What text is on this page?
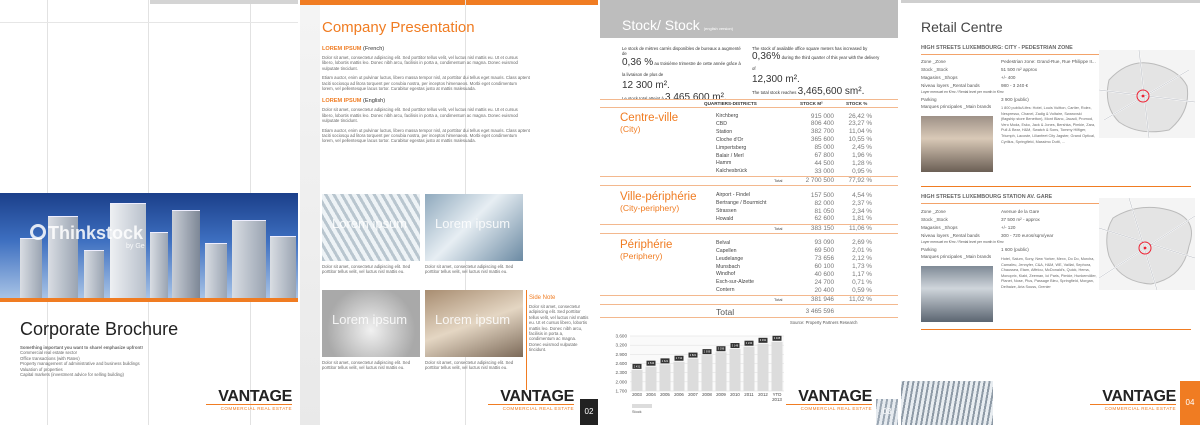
Thinkstock
by Ge
Corporate Brochure
Something important you want to share/ emphasize upfront!
Commercial real estate sector
Office transactions (with Rates)
Property management of administrative and business buildings
Valuation of properties
Capital markets (investment advice for selling building)
VANTAGE
COMMERCIAL REAL ESTATE
Company Presentation
LOREM IPSUM (French)
Dolor sit amet, consectetur adipiscing elit. Sed porttitor tellus velit, vel luctus nisl mattis eu. Ut et cursus libero, lobortis mattis leo. Donec nibh arcu, facilisis in porta a, condimentum ac magna. Donec euismod vulputate tincidunt.
Etiam auctor, enim ut pulvinar luctus, libero massa tempor nisl, at porttitor dui tellus eget mauris. Class aptent taciti sociosqu ad litora torquent per conubia nostra, per inceptos himenaeos. Morbi eget condimentum lorem, vel pellentesque lacus tortor. Curabitur egestas justo at mattis malesuada.
LOREM IPSUM (English)
Dolor sit amet, consectetur adipiscing elit. Sed porttitor tellus velit, vel luctus nisl mattis eu. Ut et cursus libero, lobortis mattis leo. Donec nibh arcu, facilisis in porta a, condimentum ac magna. Donec euismod vulputate tincidunt.
Etiam auctor, enim ut pulvinar luctus, libero massa tempor nisl, at porttitor dui tellus eget mauris. Class aptent taciti sociosqu ad litora torquent per conubia nostra, per inceptos himenaeos. Morbi eget condimentum lorem, vel pellentesque lacus tortor. Curabitur egestas justo at mattis malesuada.
Lorem ipsum Lorem ipsum
Dolor sit amet, consectetur adipiscing elit. Sed porttitor tellus velit, vel luctus nisl mattis eu.
Dolor sit amet, consectetur adipiscing elit. Sed porttitor tellus velit, vel luctus nisl mattis eu.
Lorem ipsum Lorem ipsum
Dolor sit amet, consectetur adipiscing elit. Sed porttitor tellus velit, vel luctus nisl mattis eu.
Dolor sit amet, consectetur adipiscing elit. Sed porttitor tellus velit, vel luctus nisl mattis eu.
Side Note
Dolor sit amet, consectetur adipiscing elit. Sed porttitor tellus velit, vel luctus nisl mattis eu. Ut et cursus libero, lobortis mattis leo. Donec nibh arcu, facilisis in porta a, condimentum ac magna. Donec euismod vulputate tincidunt.
VANTAGE
COMMERCIAL REAL ESTATE	02
Stock/ Stock (english version)
Le stock de mètres carrés disponibles de bureaux a augmenté de
0,36 % au troisième trimestre de cette année grâce à la livraison de plus de
12 300 m².
Le stock total atteint à 3 465 600 m².
The stock of available office square meters has increased by
0,36% during the third quarter of this year with the delivery of
12,300 m².
The total stock reaches 3,465,600 sm².
QUARTIERS-DISTRICTS	STOCK M²	STOCK %
Centre-ville
(City)
Kirchberg	915 000	26,42 %
CBD	806 400	23,27 %
Station	382 700	11,04 %
Cloche d'Or	365 600	10,55 %
Limpertsberg	85 000	2,45 %
Balair / Merl	67 800	1,96 %
Hamm	44 500	1,28 %
Kalchesbrück	33 000	0,95 %
Total	2 700 500	77,92 %
Ville-périphérie
(City-periphery)
Airport - Findel	157 500	4,54 %
Bertrange / Bourmicht	82 000	2,37 %
Strassen	81 050	2,34 %
Howald	62 600	1,81 %
Total	383 150	11,06 %
Périphérie
(Periphery)
Belval	93 090	2,69 %
Capellen	69 500	2,01 %
Leudelange	73 656	2,12 %
Munsbach	60 100	1,73 %
Windhof	40 600	1,17 %
Esch-sur-Alzette	24 700	0,71 %
Contern	20 400	0,59 %
Total	381 946	11,02 %
Total	3 465 596
Source: Property Partners Research
3.600
3.200
2.900
2.600
2.300
2.000
1.700
2 431
2003
2 543
2004
2 621
2005
2 712
2006
2 821
2007
2 939
2008
3 036
2009
3 148
2010
3 233
2011
3 331
2012
3 408
YTD
2013
Stock
VANTAGE
COMMERCIAL REAL ESTATE	03
Retail Centre
HIGH STREETS LUXEMBOURG: CITY - PEDESTRIAN ZONE
Zone _Zone	Pedestrian zone: Grand-Rue, Rue Philippe II...
Stock _Stock	51 500 m² approx
Magasins _Shops	+/- 400
Niveau loyers _Rental bands	980 - 3 240 €
Loyer mensuel en €/m² / Rental level per month in €/m²
Parking	3 900 (public)
Marques principales _Main brands	1 800 public/Lifes: Hotel, Louis Vuitton, Cartier, Rolex, Nespresso, Chanel, Zadig & Voltaire, Swarovski (flagship store Benetton), Mont Blanc, Jacadi, Promod, Vero Moda, Esko, Jack & Jones, Bershka, Pimkie, Zara, Pull & Bear, H&M, Swatch & Sons, Tommy Hilfiger, Triumph, Lacoste, Lilianfeet City Jagster, Grand Optical, Cyrillus, Springfield, Massimo Dutti, ...
HIGH STREETS LUXEMBOURG STATION AV. GARE
Zone _Zone	Avenue de la Gare
Stock _Stock	37 500 m² - approx
Magasins _Shops	+/- 120
Niveau loyers _Rental bands	300 - 720 euros/sqm/year
Loyer mensuel en €/m² / Rental level per month in €/m²
Parking	1 600 (public)
Marques principales _Main brands	Hotel, Salum, Sony, New Yorker, Mexx, Do Do, Morcha, Camaïeu, Jennyfer, C&A, H&M, WE, Vaillat, Sephora, Chaussea, Etam, Affelou, McDonald's, Quick, Hema, Monoprix, Kiabi, Zeeman, Ici Paris, Pimkie, Hunkemöller, Planet, Nose, Plus, Passage Bleu, Springfield, Morgan, Delhaize, Aria Souss, Grenier
VANTAGE
COMMERCIAL REAL ESTATE
04
